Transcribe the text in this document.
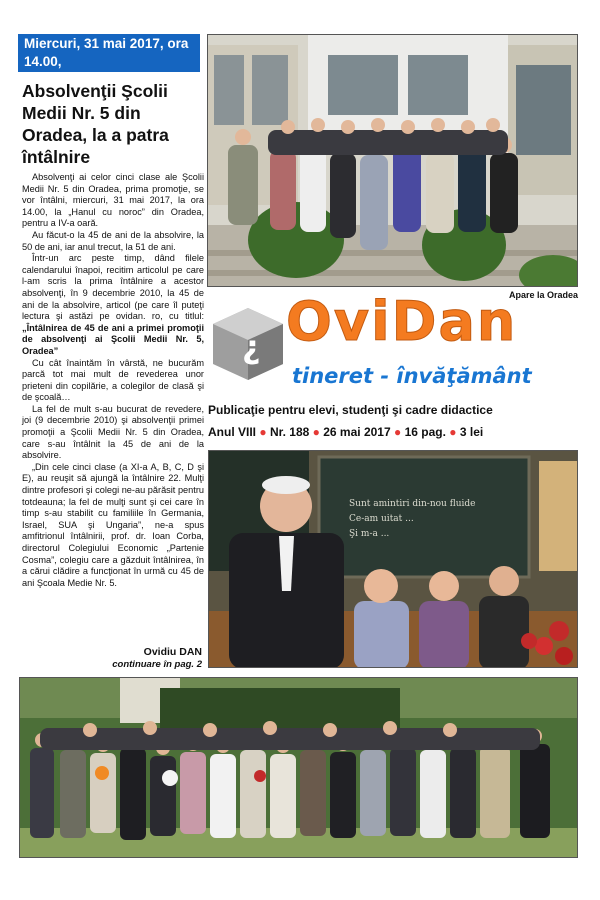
Miercuri, 31 mai 2017, ora 14.00,
Absolvenţii Şcolii Medii Nr. 5 din Oradea, la a patra întâlnire

Absolvenţi ai celor cinci clase ale Şcolii Medii Nr. 5 din Oradea, prima promoţie, se vor întâlni, miercuri, 31 mai 2017, la ora 14.00, la „Hanul cu noroc” din Oradea, pentru a IV-a oară.

Au făcut-o la 45 de ani de la absolvire, la 50 de ani, iar anul trecut, la 51 de ani.

Într-un arc peste timp, dând filele calendarului înapoi, recitim articolul pe care l-am scris la prima întâlnire a acestor absolvenţi, în 9 decembrie 2010, la 45 de ani de la absolvire, articol (pe care îl puteţi lectura şi astăzi pe ovidan. ro, cu titlul: „Întâlnirea de 45 de ani a primei promoţii de absolvenţi ai Şcolii Medii Nr. 5, Oradea”

Cu cât înaintăm în vârstă, ne bucurăm parcă tot mai mult de revederea unor prieteni din copilărie, a colegilor de clasă şi de şcoală…

La fel de mult s-au bucurat de revedere, joi (9 decembrie 2010) şi absolvenţii primei promoţii a Şcolii Medii Nr. 5 din Oradea, care s-au întâlnit la 45 de ani de la absolvire.

„Din cele cinci clase (a XI-a A, B, C, D şi E), au reuşit să ajungă la întâlnire 22. Mulţi dintre profesori şi colegi ne-au părăsit pentru totdeauna; la fel de mulţi sunt şi cei care în timp s-au stabilit cu familiile în Germania, Israel, SUA şi Ungaria”, ne-a spus amfitrionul întâlnirii, prof. dr. Ioan Corba, directorul Colegiului Economic „Partenie Cosma”, colegiu care a găzduit întâlnirea, în a cărui clădire a funcţionat în urmă cu 45 de ani Şcoala Medie Nr. 5.

Ovidiu DAN
continuare în pag. 2
Apare la Oradea
¿ OviDan
tineret - învăţământ
Publicaţie pentru elevi, studenţi şi cadre didactice
Anul VIII ● Nr. 188 ● 26 mai 2017 ● 16 pag. ● 3 lei
Sunt amintiri din-nou fluide
Ce-am uitat ...
Şi m-a ...
